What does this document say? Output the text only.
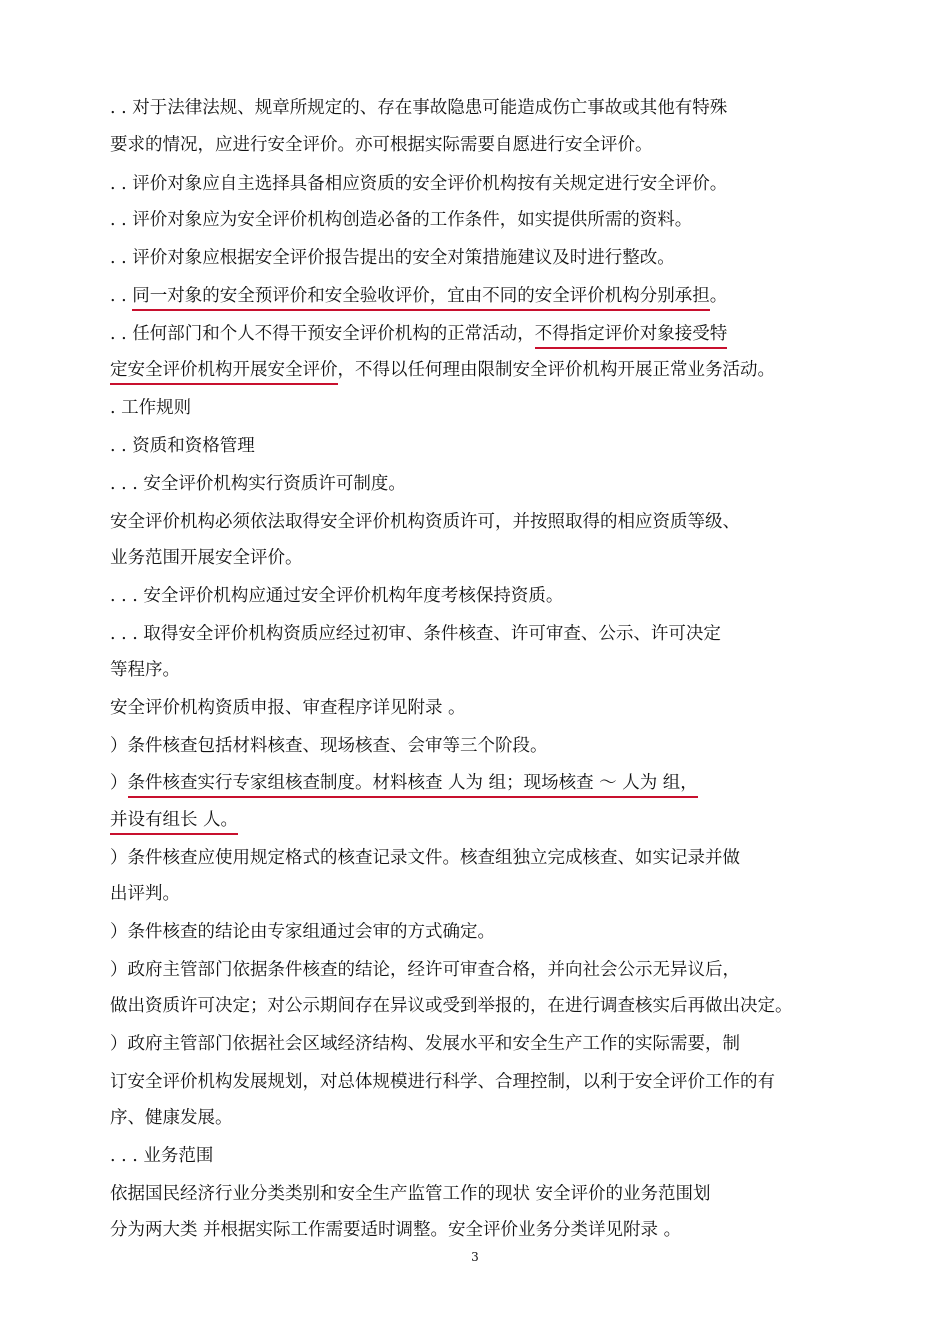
. . 对于法律法规、规章所规定的、存在事故隐患可能造成伤亡事故或其他有特殊
要求的情况，应进行安全评价。亦可根据实际需要自愿进行安全评价。
. . 评价对象应自主选择具备相应资质的安全评价机构按有关规定进行安全评价。
. . 评价对象应为安全评价机构创造必备的工作条件，如实提供所需的资料。
. . 评价对象应根据安全评价报告提出的安全对策措施建议及时进行整改。
. . 同一对象的安全预评价和安全验收评价，宜由不同的安全评价机构分别承担。
. . 任何部门和个人不得干预安全评价机构的正常活动，不得指定评价对象接受特
定安全评价机构开展安全评价，不得以任何理由限制安全评价机构开展正常业务活动。
. 工作规则
. . 资质和资格管理
. . . 安全评价机构实行资质许可制度。
安全评价机构必须依法取得安全评价机构资质许可，并按照取得的相应资质等级、
业务范围开展安全评价。
. . . 安全评价机构应通过安全评价机构年度考核保持资质。
. . . 取得安全评价机构资质应经过初审、条件核查、许可审查、公示、许可决定
等程序。
安全评价机构资质申报、审查程序详见附录 。
）条件核查包括材料核查、现场核查、会审等三个阶段。
）条件核查实行专家组核查制度。材料核查 人为 组；现场核查 ～ 人为 组，
并设有组长 人。
）条件核查应使用规定格式的核查记录文件。核查组独立完成核查、如实记录并做
出评判。
）条件核查的结论由专家组通过会审的方式确定。
）政府主管部门依据条件核查的结论，经许可审查合格，并向社会公示无异议后，
做出资质许可决定；对公示期间存在异议或受到举报的，在进行调查核实后再做出决定。
）政府主管部门依据社会区域经济结构、发展水平和安全生产工作的实际需要，制
订安全评价机构发展规划，对总体规模进行科学、合理控制，以利于安全评价工作的有
序、健康发展。
. . . 业务范围
依据国民经济行业分类类别和安全生产监管工作的现状 安全评价的业务范围划
分为两大类 并根据实际工作需要适时调整。安全评价业务分类详见附录 。
3
